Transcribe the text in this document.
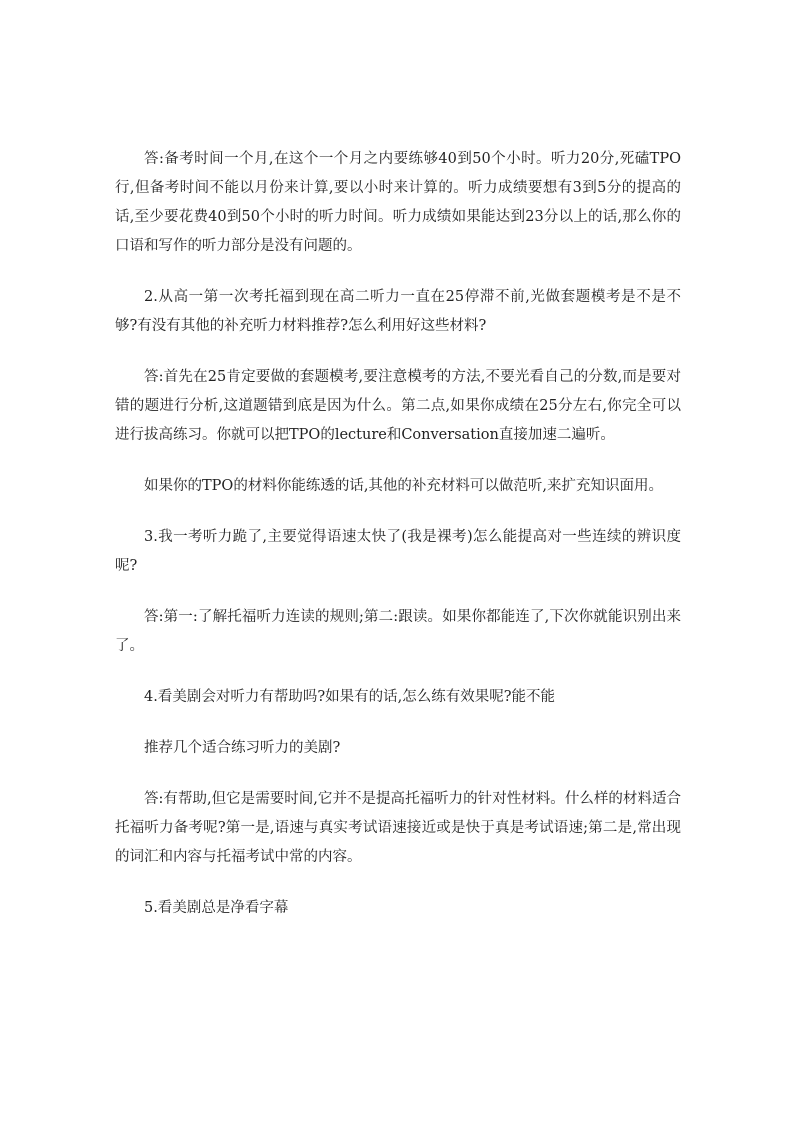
答:备考时间一个月,在这个一个月之内要练够40到50个小时。听力20分,死磕TPO行,但备考时间不能以月份来计算,要以小时来计算的。听力成绩要想有3到5分的提高的话,至少要花费40到50个小时的听力时间。听力成绩如果能达到23分以上的话,那么你的口语和写作的听力部分是没有问题的。

2.从高一第一次考托福到现在高二听力一直在25停滞不前,光做套题模考是不是不够?有没有其他的补充听力材料推荐?怎么利用好这些材料?

答:首先在25肯定要做的套题模考,要注意模考的方法,不要光看自己的分数,而是要对错的题进行分析,这道题错到底是因为什么。第二点,如果你成绩在25分左右,你完全可以进行拔高练习。你就可以把TPO的lecture和Conversation直接加速二遍听。

如果你的TPO的材料你能练透的话,其他的补充材料可以做范听,来扩充知识面用。

3.我一考听力跪了,主要觉得语速太快了(我是裸考)怎么能提高对一些连续的辨识度呢?

答:第一:了解托福听力连读的规则;第二:跟读。如果你都能连了,下次你就能识别出来了。

4.看美剧会对听力有帮助吗?如果有的话,怎么练有效果呢?能不能

推荐几个适合练习听力的美剧?

答:有帮助,但它是需要时间,它并不是提高托福听力的针对性材料。什么样的材料适合托福听力备考呢?第一是,语速与真实考试语速接近或是快于真是考试语速;第二是,常出现的词汇和内容与托福考试中常的内容。

5.看美剧总是净看字幕
